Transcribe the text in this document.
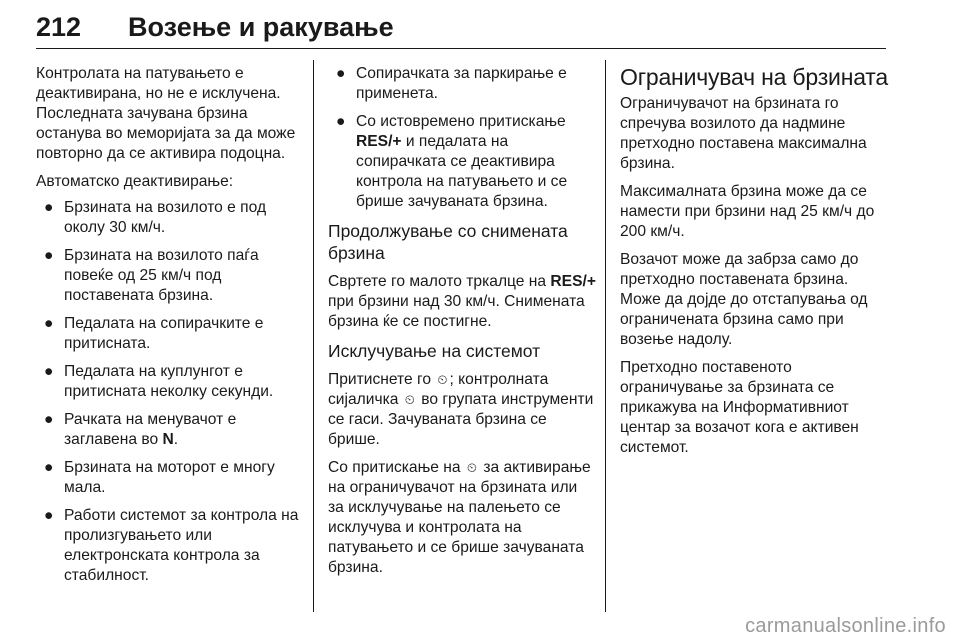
212 Возење и ракување

Контролата на патувањето е деактивирана, но не е исклучена. Последната зачувана брзина останува во меморијата за да може повторно да се активира подоцна.

Автоматско деактивирање:

● Брзината на возилото е под околу 30 км/ч.
● Брзината на возилото паѓа повеќе од 25 км/ч под поставената брзина.
● Педалата на сопирачките е притисната.
● Педалата на куплунгот е притисната неколку секунди.
● Рачката на менувачот е заглавена во N.
● Брзината на моторот е многу мала.
● Работи системот за контрола на пролизгувањето или електронската контрола за стабилност.
● Сопирачката за паркирање е применета.
● Со истовремено притискање RES/+ и педалата на сопирачката се деактивира контрола на патувањето и се брише зачуваната брзина.
Продолжување со снимената брзина

Свртете го малото тркалце на RES/+ при брзини над 30 км/ч. Снимената брзина ќе се постигне.

Исклучување на системот

Притиснете го ⏲ ; контролната сијаличка ⏲ во групата инструменти се гаси. Зачуваната брзина се брише.

Со притискање на ⏲ за активирање на ограничувачот на брзината или за исклучување на палењето се исклучува и контролата на патувањето и се брише зачуваната брзина.

Ограничувач на брзината

Ограничувачот на брзината го спречува возилото да надмине претходно поставена максимална брзина.

Максималната брзина може да се намести при брзини над 25 км/ч до 200 км/ч.

Возачот може да забрза само до претходно поставената брзина. Може да дојде до отстапувања од ограничената брзина само при возење надолу.

Претходно поставеното ограничување за брзината се прикажува на Информативниот центар за возачот кога е активен системот.

carmanualsonline.info
